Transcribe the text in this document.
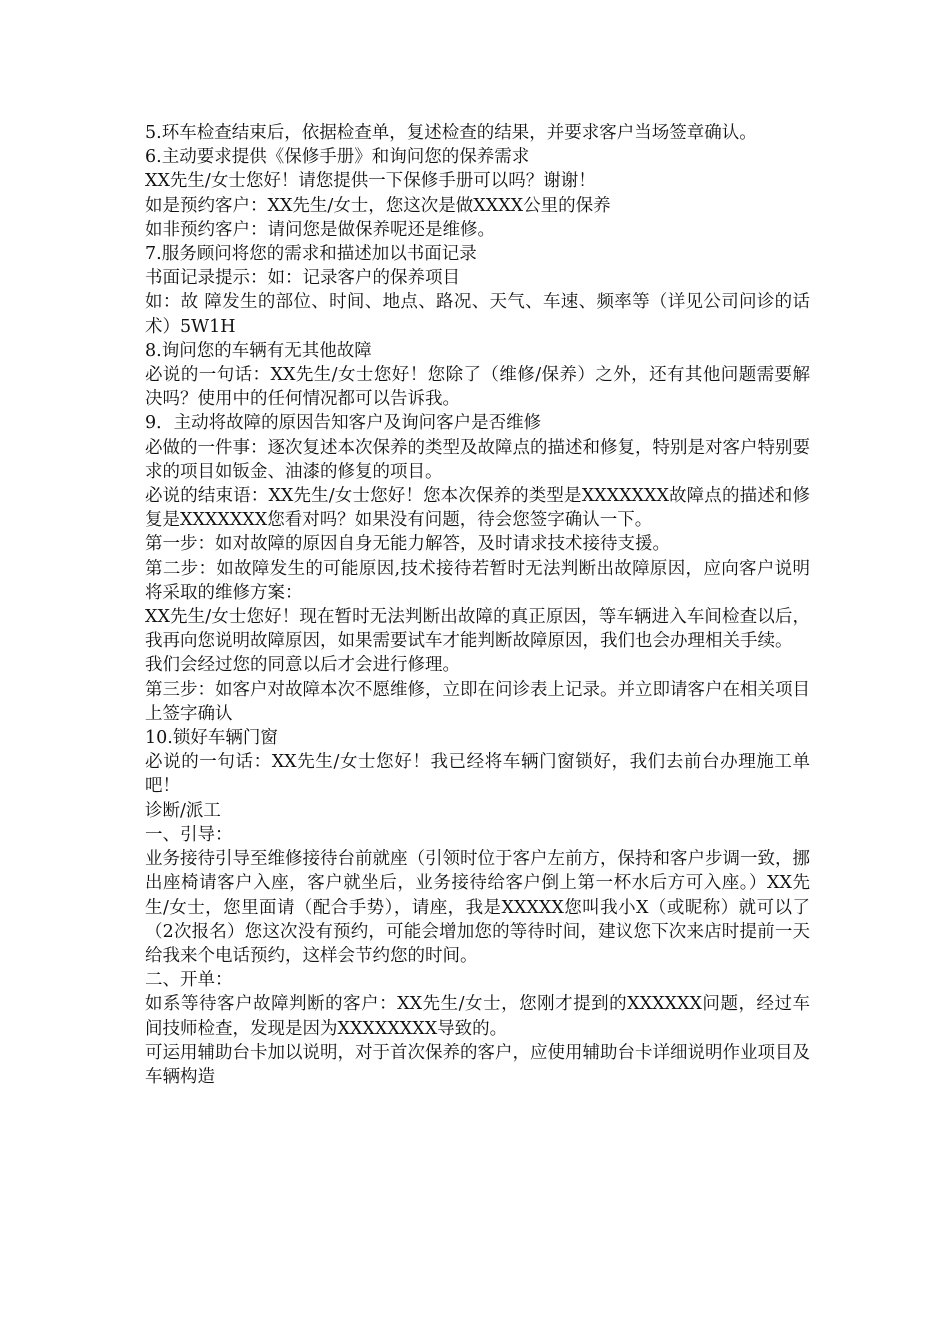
5.环车检查结束后，依据检查单，复述检查的结果，并要求客户当场签章确认。

6.主动要求提供《保修手册》和询问您的保养需求

XX先生/女士您好！请您提供一下保修手册可以吗？谢谢！

如是预约客户：XX先生/女士，您这次是做XXXX公里的保养

如非预约客户：请问您是做保养呢还是维修。

7.服务顾问将您的需求和描述加以书面记录

书面记录提示：如：记录客户的保养项目

如：故 障发生的部位、时间、地点、路况、天气、车速、频率等（详见公司问诊的话术）5W1H

8.询问您的车辆有无其他故障

必说的一句话：XX先生/女士您好！您除了（维修/保养）之外，还有其他问题需要解决吗？使用中的任何情况都可以告诉我。

9．主动将故障的原因告知客户及询问客户是否维修

必做的一件事：逐次复述本次保养的类型及故障点的描述和修复，特别是对客户特别要求的项目如钣金、油漆的修复的项目。

必说的结束语：XX先生/女士您好！您本次保养的类型是XXXXXXX故障点的描述和修复是XXXXXXX您看对吗？如果没有问题，待会您签字确认一下。

第一步：如对故障的原因自身无能力解答，及时请求技术接待支援。

第二步：如故障发生的可能原因,技术接待若暂时无法判断出故障原因，应向客户说明将采取的维修方案：

XX先生/女士您好！现在暂时无法判断出故障的真正原因，等车辆进入车间检查以后，我再向您说明故障原因，如果需要试车才能判断故障原因，我们也会办理相关手续。

我们会经过您的同意以后才会进行修理。

第三步：如客户对故障本次不愿维修，立即在问诊表上记录。并立即请客户在相关项目上签字确认

10.锁好车辆门窗

必说的一句话：XX先生/女士您好！我已经将车辆门窗锁好，我们去前台办理施工单吧！

诊断/派工

一、引导：

业务接待引导至维修接待台前就座（引领时位于客户左前方，保持和客户步调一致，挪出座椅请客户入座，客户就坐后，业务接待给客户倒上第一杯水后方可入座。）XX先生/女士，您里面请（配合手势），请座，我是XXXXX您叫我小X（或昵称）就可以了（2次报名）您这次没有预约，可能会增加您的等待时间，建议您下次来店时提前一天给我来个电话预约，这样会节约您的时间。

二、开单：

如系等待客户故障判断的客户：XX先生/女士，您刚才提到的XXXXXX问题，经过车间技师检查，发现是因为XXXXXXXX导致的。

可运用辅助台卡加以说明，对于首次保养的客户，应使用辅助台卡详细说明作业项目及车辆构造
